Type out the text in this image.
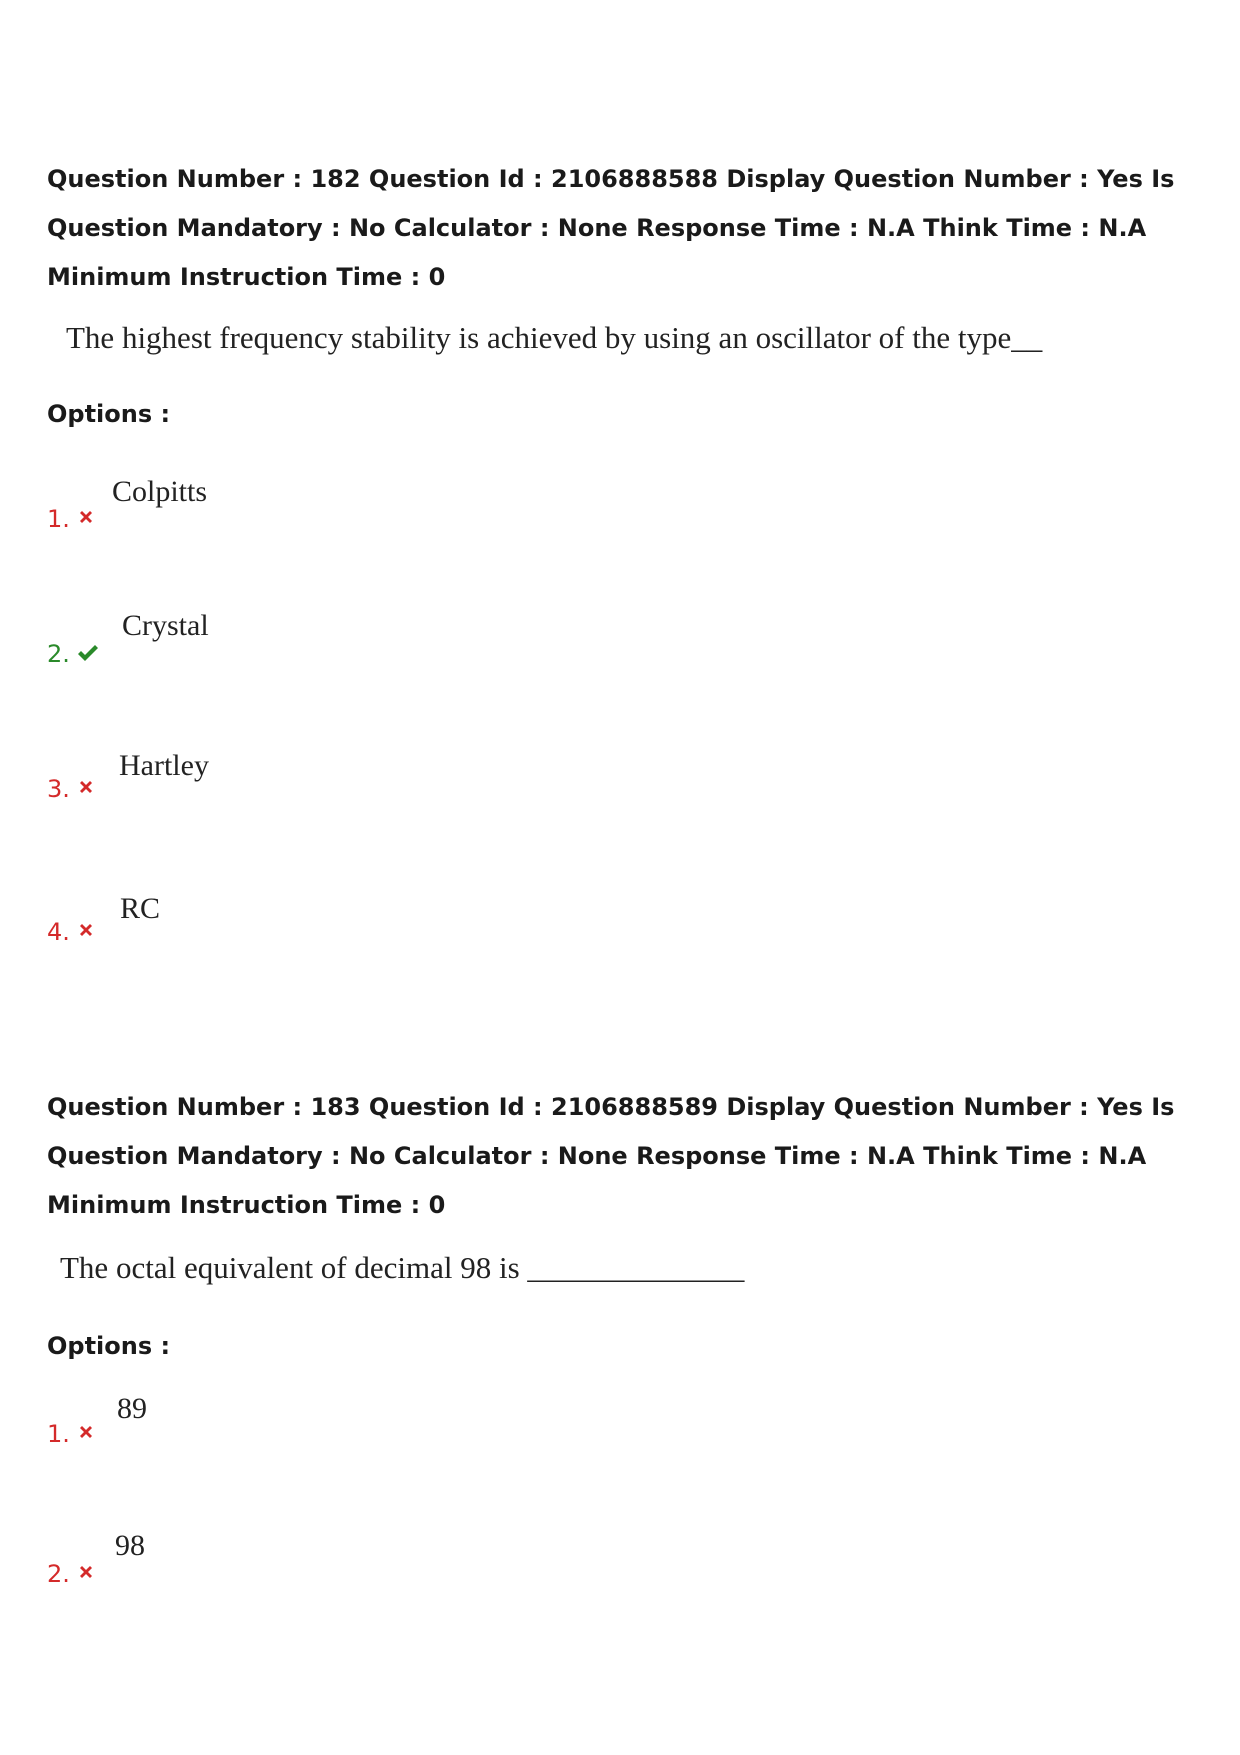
Question Number : 182 Question Id : 2106888588 Display Question Number : Yes Is Question Mandatory : No Calculator : None Response Time : N.A Think Time : N.A Minimum Instruction Time : 0

The highest frequency stability is achieved by using an oscillator of the type__

Options :

1.
Colpitts
2.
Crystal
3.
Hartley
4.
RC

Question Number : 183 Question Id : 2106888589 Display Question Number : Yes Is Question Mandatory : No Calculator : None Response Time : N.A Think Time : N.A Minimum Instruction Time : 0

The octal equivalent of decimal 98 is ______________

Options :

1.
89
2.
98
